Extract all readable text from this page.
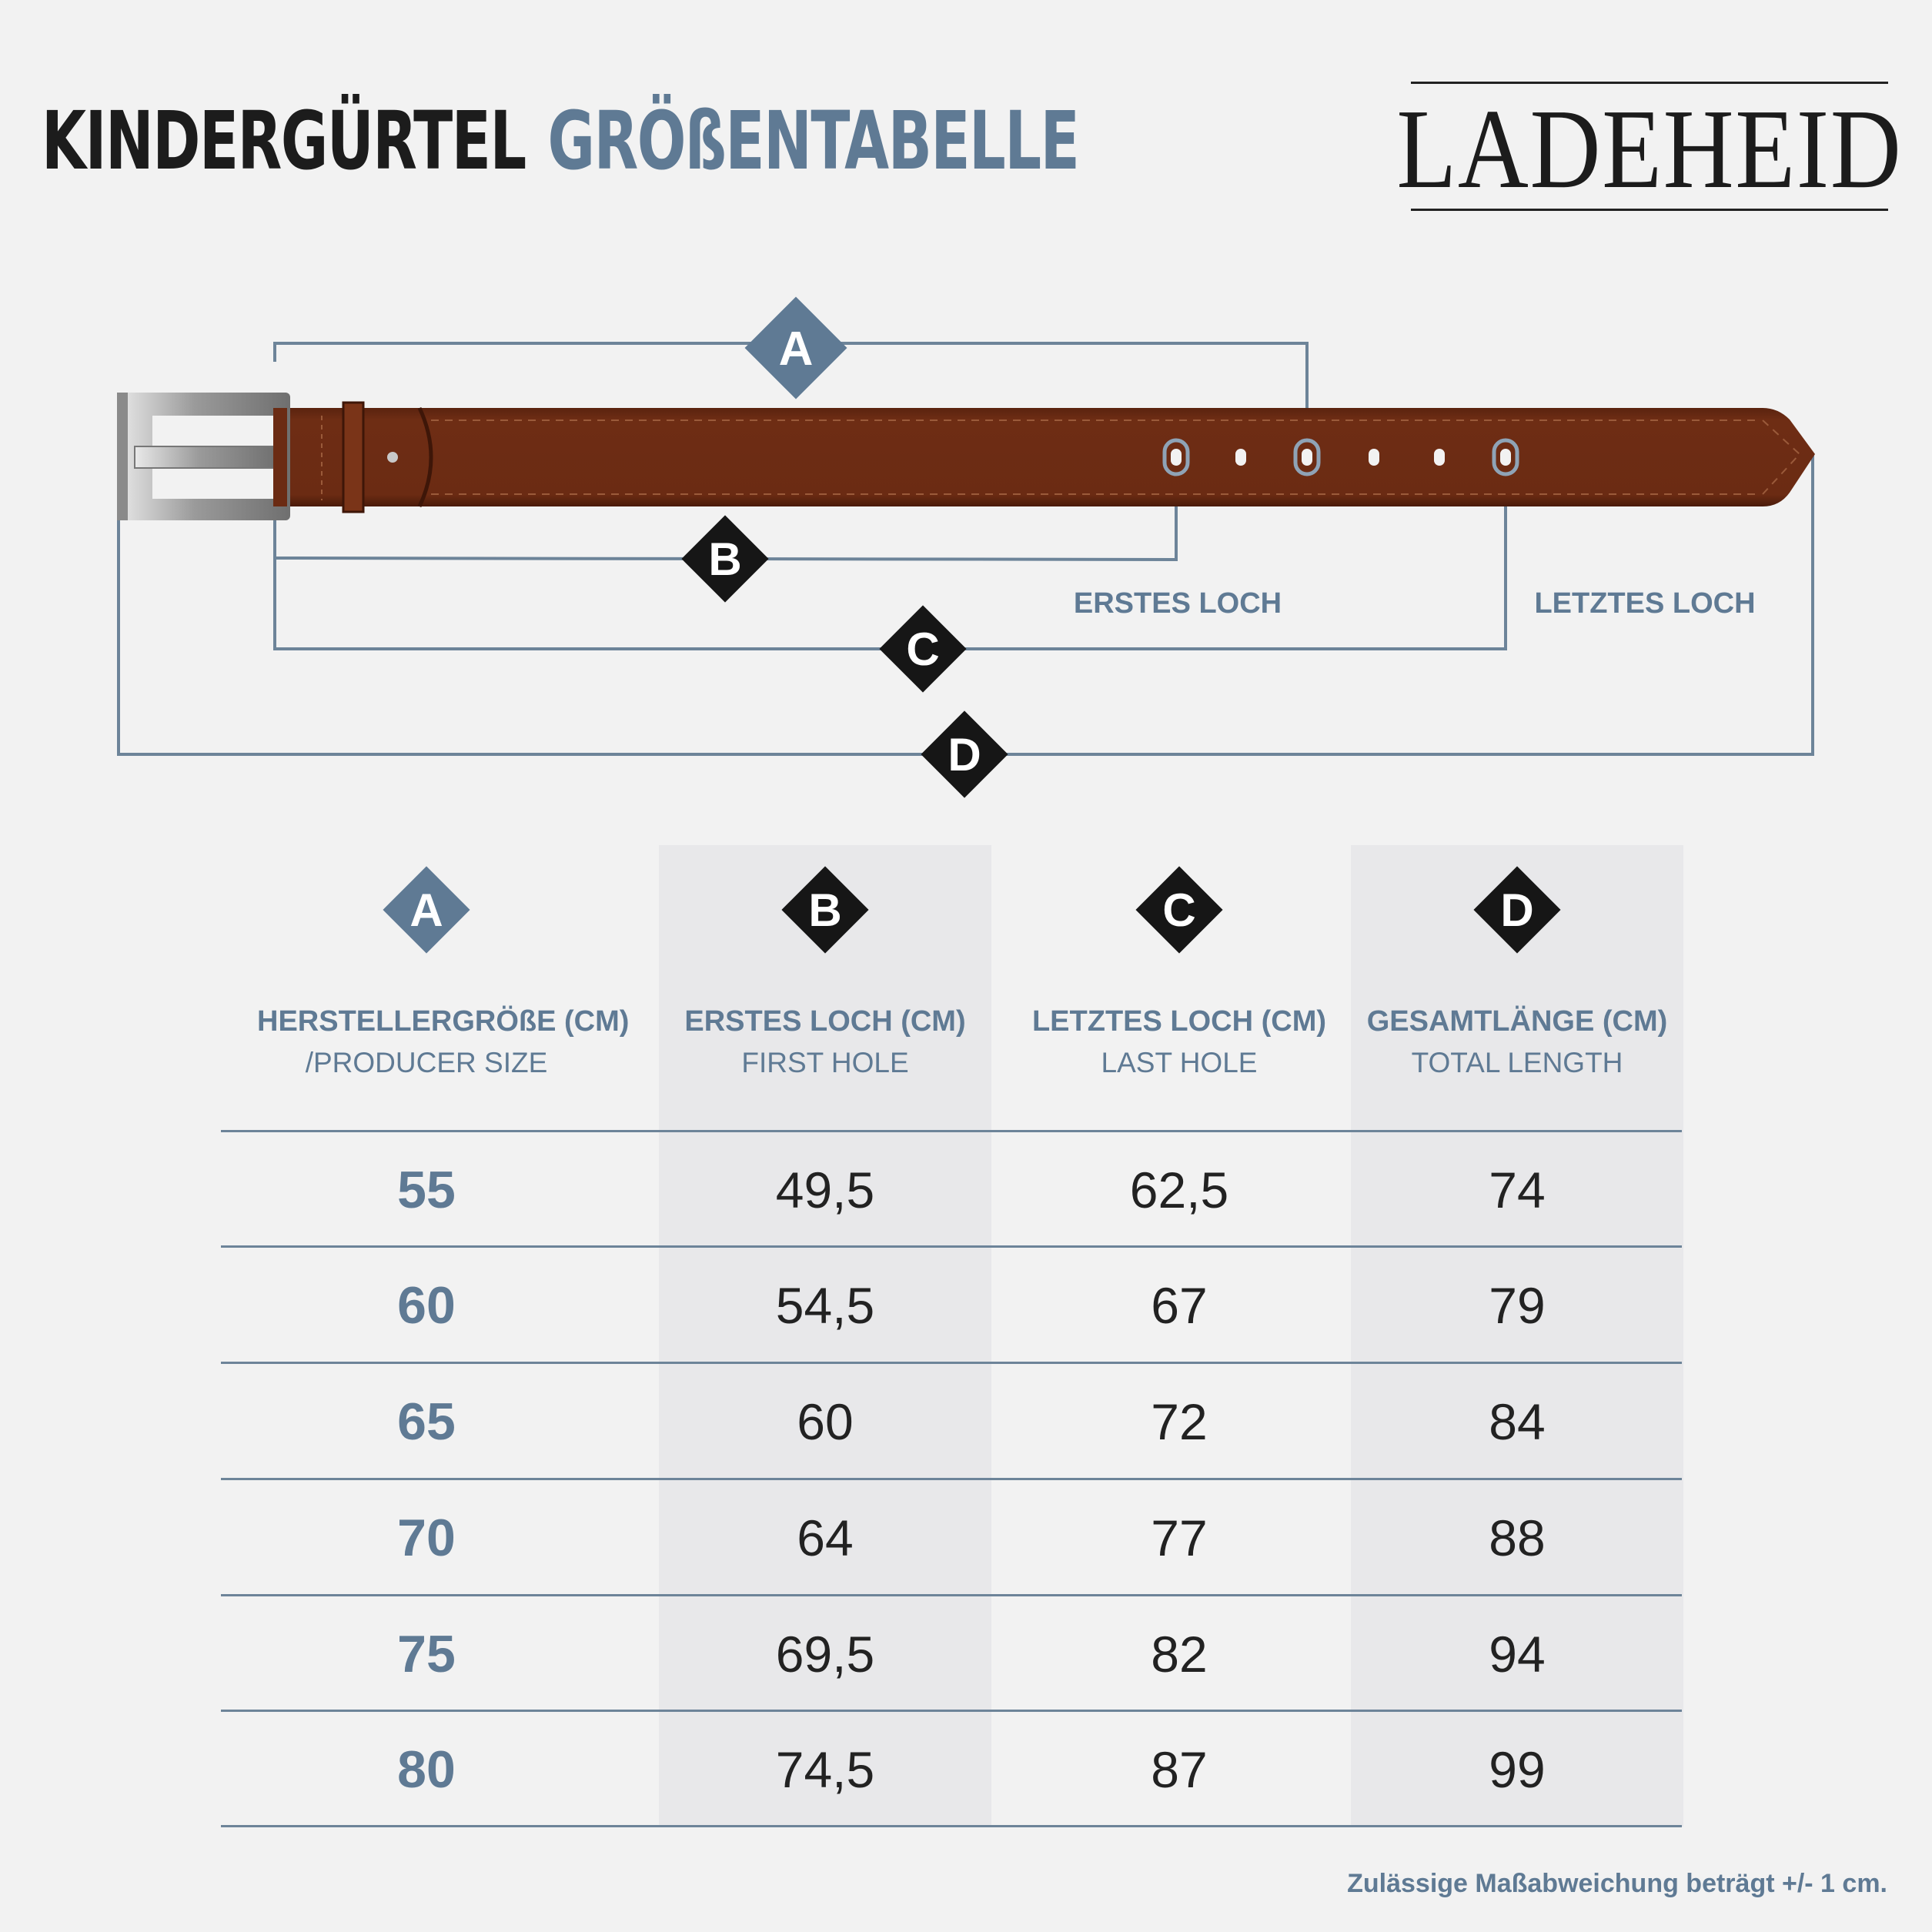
KINDERGÜRTEL GRÖßENTABELLE	LADEHEID
A
B
C
D
ERSTES LOCH	LETZTES LOCH
A	B	C	D
HERSTELLERGRÖßE (CM)
/PRODUCER SIZE
ERSTES LOCH (CM)
FIRST HOLE
LETZTES LOCH (CM)
LAST HOLE
GESAMTLÄNGE (CM)
TOTAL LENGTH
55	49,5	62,5	74
60	54,5	67	79
65	60	72	84
70	64	77	88
75	69,5	82	94
80	74,5	87	99
Zulässige Maßabweichung beträgt +/- 1 cm.
